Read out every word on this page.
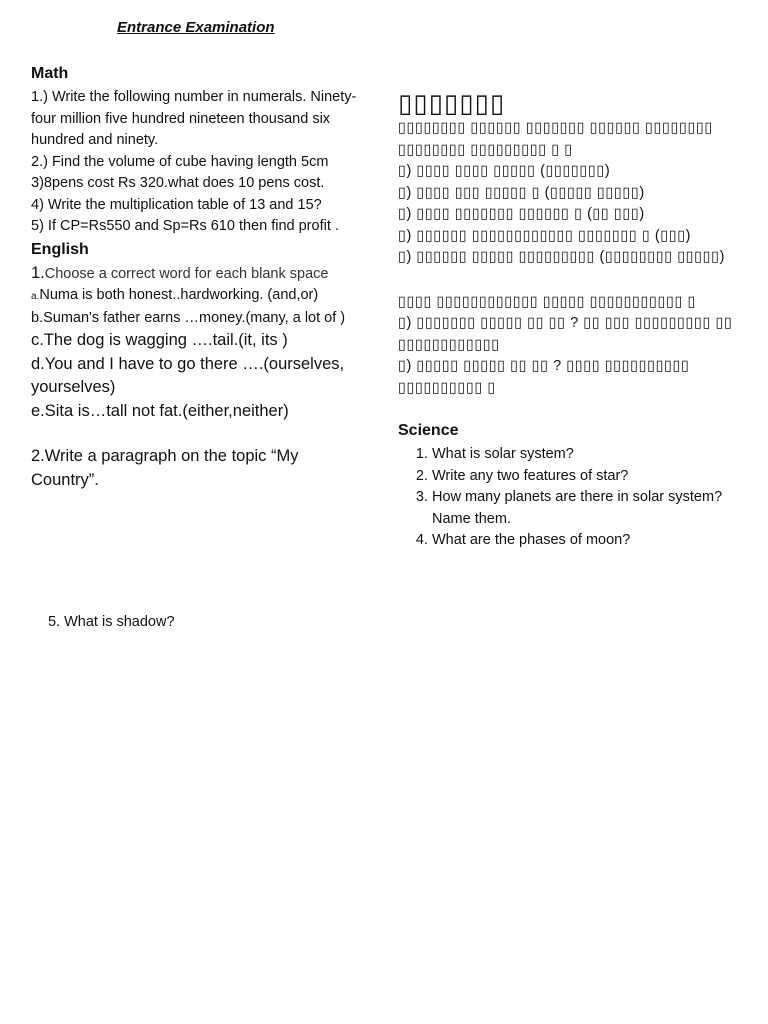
Entrance Examination
Math
1.) Write the following number in numerals. Ninety-four million five hundred nineteen thousand six hundred and ninety.
2.) Find the volume of cube having length 5cm
3)8pens cost Rs 320.what does 10 pens cost.
4) Write the multiplication table of 13 and 15?
5) If CP=Rs550 and Sp=Rs 610 then find profit .
English
1.Choose a correct word for each blank space
a.Numa is both honest..hardworking. (and,or)
b.Suman's father earns …money.(many, a lot of )
c.The dog is wagging ….tail.(it, its )
d.You and I have to go there ….(ourselves, yourselves)
e.Sita is…tall not fat.(either,neither)
2.Write a paragraph on the topic “My Country”.
▯▯▯▯▯▯▯
▯▯▯▯▯▯▯▯ ▯▯▯▯▯▯ ▯▯▯▯▯▯▯ ▯▯▯▯▯▯ ▯▯▯▯▯▯▯▯ ▯▯▯▯▯▯▯▯ ▯▯▯▯▯▯▯▯▯ ▯ ▯
▯) ▯▯▯▯ ▯▯▯▯ ▯▯▯▯▯ (▯▯▯▯▯▯▯)
▯) ▯▯▯▯ ▯▯▯ ▯▯▯▯▯ ▯ (▯▯▯▯▯ ▯▯▯▯▯)
▯) ▯▯▯▯ ▯▯▯▯▯▯▯ ▯▯▯▯▯▯ ▯ (▯▯ ▯▯▯)
▯) ▯▯▯▯▯▯ ▯▯▯▯▯▯▯▯▯▯▯▯ ▯▯▯▯▯▯▯ ▯ (▯▯▯)
▯) ▯▯▯▯▯▯ ▯▯▯▯▯ ▯▯▯▯▯▯▯▯▯ (▯▯▯▯▯▯▯▯ ▯▯▯▯▯)
▯▯▯▯ ▯▯▯▯▯▯▯▯▯▯▯▯ ▯▯▯▯▯ ▯▯▯▯▯▯▯▯▯▯▯ ▯
▯) ▯▯▯▯▯▯▯ ▯▯▯▯▯ ▯▯ ▯▯ ? ▯▯ ▯▯▯ ▯▯▯▯▯▯▯▯▯ ▯▯ ▯▯▯▯▯▯▯▯▯▯▯▯
▯) ▯▯▯▯▯ ▯▯▯▯▯ ▯▯ ▯▯ ? ▯▯▯▯ ▯▯▯▯▯▯▯▯▯▯ ▯▯▯▯▯▯▯▯▯▯ ▯
Science
1. What is solar system?
2. Write any two features of star?
3. How many planets are there in solar system? Name them.
4. What are the phases of moon?
5. What is shadow?
